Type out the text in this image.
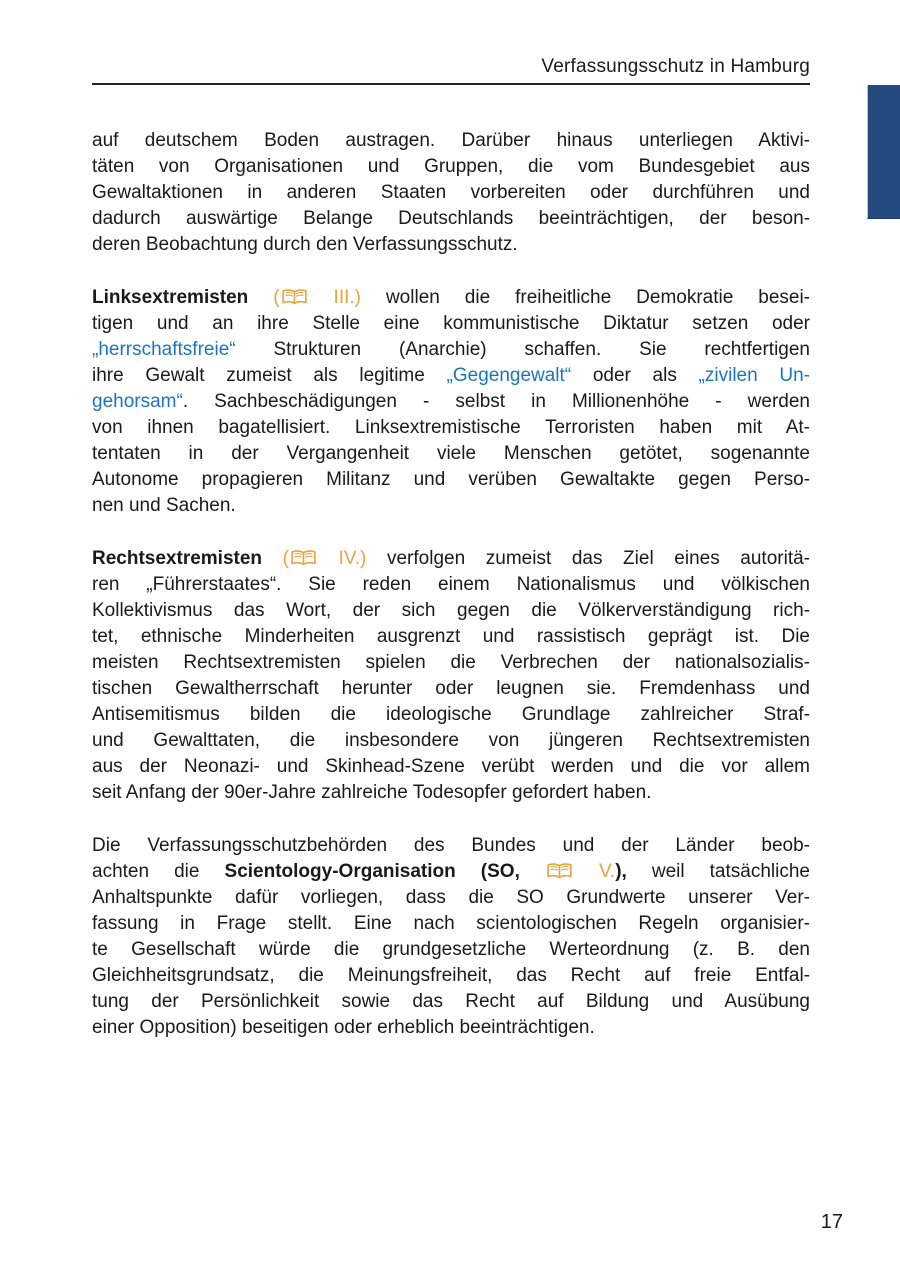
Verfassungsschutz in Hamburg
auf deutschem Boden austragen. Darüber hinaus unterliegen Aktivi-
täten von Organisationen und Gruppen, die vom Bundesgebiet aus
Gewaltaktionen in anderen Staaten vorbereiten oder durchführen und
dadurch auswärtige Belange Deutschlands beeinträchtigen, der beson-
deren Beobachtung durch den Verfassungsschutz.
Linksextremisten ( III.) wollen die freiheitliche Demokratie besei-
tigen und an ihre Stelle eine kommunistische Diktatur setzen oder
„herrschaftsfreie“ Strukturen (Anarchie) schaffen. Sie rechtfertigen
ihre Gewalt zumeist als legitime „Gegengewalt“ oder als „zivilen Un-
gehorsam“. Sachbeschädigungen - selbst in Millionenhöhe - werden
von ihnen bagatellisiert. Linksextremistische Terroristen haben mit At-
tentaten in der Vergangenheit viele Menschen getötet, sogenannte
Autonome propagieren Militanz und verüben Gewaltakte gegen Perso-
nen und Sachen.
Rechtsextremisten ( IV.) verfolgen zumeist das Ziel eines autoritä-
ren „Führerstaates“. Sie reden einem Nationalismus und völkischen
Kollektivismus das Wort, der sich gegen die Völkerverständigung rich-
tet, ethnische Minderheiten ausgrenzt und rassistisch geprägt ist. Die
meisten Rechtsextremisten spielen die Verbrechen der nationalsozialis-
tischen Gewaltherrschaft herunter oder leugnen sie. Fremdenhass und
Antisemitismus bilden die ideologische Grundlage zahlreicher Straf-
und Gewalttaten, die insbesondere von jüngeren Rechtsextremisten
aus der Neonazi- und Skinhead-Szene verübt werden und die vor allem
seit Anfang der 90er-Jahre zahlreiche Todesopfer gefordert haben.
Die Verfassungsschutzbehörden des Bundes und der Länder beob-
achten die Scientology-Organisation (SO,	V.), weil tatsächliche
Anhaltspunkte dafür vorliegen, dass die SO Grundwerte unserer Ver-
fassung in Frage stellt. Eine nach scientologischen Regeln organisier-
te Gesellschaft würde die grundgesetzliche Werteordnung (z. B. den
Gleichheitsgrundsatz, die Meinungsfreiheit, das Recht auf freie Entfal-
tung der Persönlichkeit sowie das Recht auf Bildung und Ausübung
einer Opposition) beseitigen oder erheblich beeinträchtigen.
17
